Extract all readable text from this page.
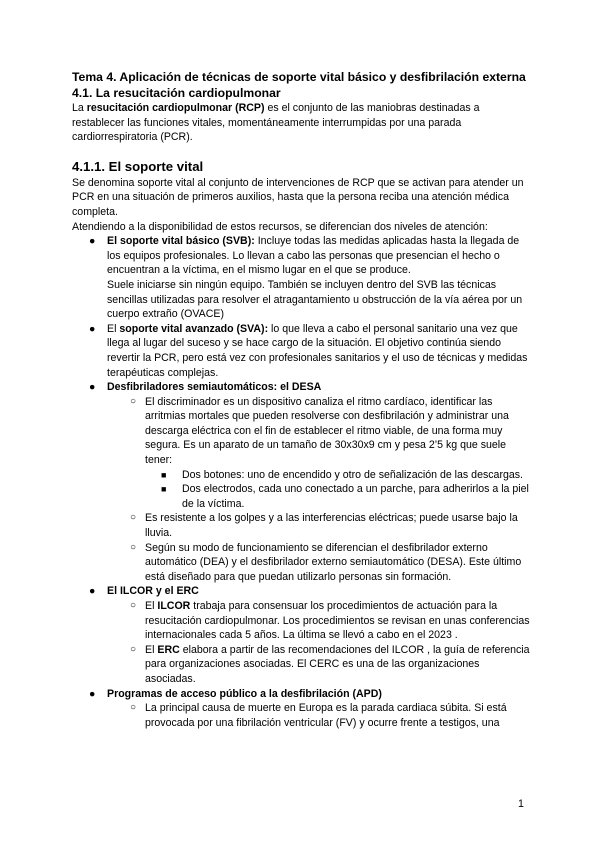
Tema 4. Aplicación de técnicas de soporte vital básico y desfibrilación externa

4.1. La resucitación cardiopulmonar

La resucitación cardiopulmonar (RCP) es el conjunto de las maniobras destinadas a restablecer las funciones vitales, momentáneamente interrumpidas por una parada cardiorrespiratoria (PCR).

4.1.1. El soporte vital

Se denomina soporte vital al conjunto de intervenciones de RCP que se activan para atender un PCR en una situación de primeros auxilios, hasta que la persona reciba una atención médica completa.

Atendiendo a la disponibilidad de estos recursos, se diferencian dos niveles de atención:

● El soporte vital básico (SVB): Incluye todas las medidas aplicadas hasta la llegada de los equipos profesionales. Lo llevan a cabo las personas que presencian el hecho o encuentran a la víctima, en el mismo lugar en el que se produce.

Suele iniciarse sin ningún equipo. También se incluyen dentro del SVB las técnicas sencillas utilizadas para resolver el atragantamiento u obstrucción de la vía aérea por un cuerpo extraño (OVACE)

● El soporte vital avanzado (SVA): lo que lleva a cabo el personal sanitario una vez que llega al lugar del suceso y se hace cargo de la situación. El objetivo continúa siendo revertir la PCR, pero está vez con profesionales sanitarios y el uso de técnicas y medidas terapéuticas complejas.
● Desfibriladores semiautomáticos: el DESA
○ El discriminador es un dispositivo canaliza el ritmo cardíaco, identificar las arritmias mortales que pueden resolverse con desfibrilación y administrar una descarga eléctrica con el fin de establecer el ritmo viable, de una forma muy segura. Es un aparato de un tamaño de 30x30x9 cm y pesa 2’5 kg que suele tener:
■ Dos botones: uno de encendido y otro de señalización de las descargas.
■ Dos electrodos, cada uno conectado a un parche, para adherirlos a la piel de la víctima.
○ Es resistente a los golpes y a las interferencias eléctricas; puede usarse bajo la lluvia.
○ Según su modo de funcionamiento se diferencian el desfibrilador externo automático (DEA) y el desfibrilador externo semiautomático (DESA). Este último está diseñado para que puedan utilizarlo personas sin formación.
● El ILCOR y el ERC
○ El ILCOR trabaja para consensuar los procedimientos de actuación para la resucitación cardiopulmonar. Los procedimientos se revisan en unas conferencias internacionales cada 5 años. La última se llevó a cabo en el 2023 .
○ El ERC elabora a partir de las recomendaciones del ILCOR , la guía de referencia para organizaciones asociadas. El CERC es una de las organizaciones asociadas.
● Programas de acceso público a la desfibrilación (APD)
○ La principal causa de muerte en Europa es la parada cardiaca súbita. Si está provocada por una fibrilación ventricular (FV) y ocurre frente a testigos, una
1
